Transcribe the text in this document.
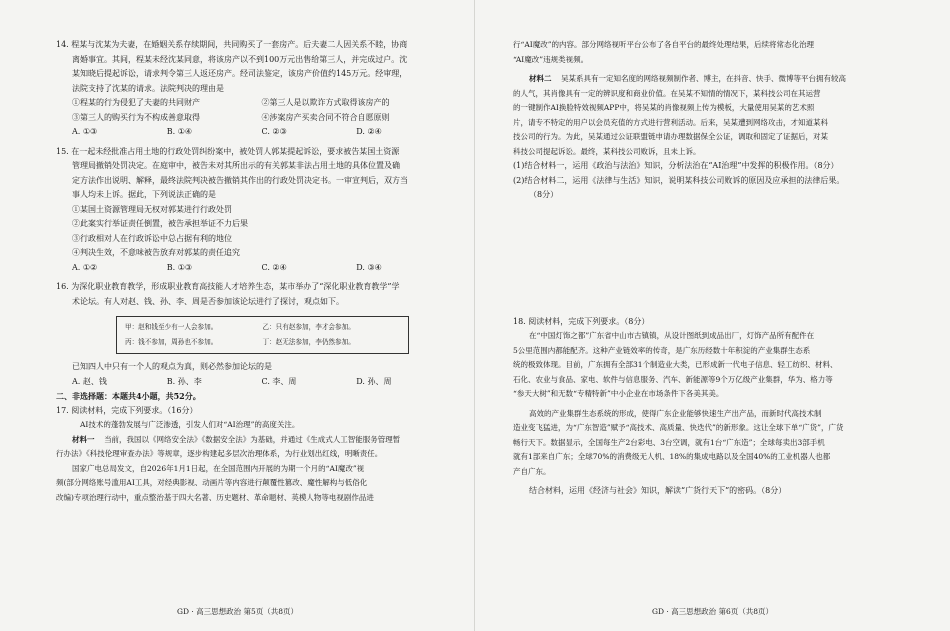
14. 程某与沈某为夫妻，在婚姻关系存续期间，共同购买了一套房产。后夫妻二人因关系不睦，协商

离婚事宜。其间，程某未经沈某同意，将该房产以不到100万元出售给第三人，并完成过户。沈

某知晓后提起诉讼，请求判令第三人返还房产。经司法鉴定，该房产价值约145万元。经审理，

法院支持了沈某的请求。法院判决的理由是

①程某的行为侵犯了夫妻的共同财产	②第三人是以欺诈方式取得该房产的
③第三人的购买行为不构成善意取得	④涉案房产买卖合同不符合自愿原则
A. ①③	B. ①④	C. ②③	D. ②④

15. 在一起未经批准占用土地的行政处罚纠纷案中，被处罚人郭某提起诉讼，要求被告某国土资源

管理局撤销处罚决定。在庭审中，被告未对其所出示的有关郭某非法占用土地的具体位置及确

定方法作出说明、解释，最终法院判决被告撤销其作出的行政处罚决定书。一审宣判后，双方当

事人均未上诉。据此，下列说法正确的是

①某国土资源管理局无权对郭某进行行政处罚

②此案实行举证责任倒置，被告承担举证不力后果

③行政相对人在行政诉讼中总占据有利的地位

④判决生效，不意味被告放弃对郭某的责任追究

A. ①②	B. ①③	C. ②④	D. ③④

16. 为深化职业教育教学，形成职业教育高技能人才培养生态，某市举办了“深化职业教育教学”学

术论坛。有人对赵、钱、孙、李、周是否参加该论坛进行了探讨，观点如下。

甲：赵和钱至少有一人会参加。	乙：只有赵参加，李才会参加。
丙：钱不参加，周孙也不参加。	丁：赵无法参加，李仍然参加。

已知四人中只有一个人的观点为真，则必然参加论坛的是

A. 赵、钱	B. 孙、李	C. 李、周	D. 孙、周

二、非选择题：本题共4小题，共52分。

17. 阅读材料，完成下列要求。（16分）

AI技术的蓬勃发展与广泛渗透，引发人们对“AI治理”的高度关注。

材料一 当前，我国以《网络安全法》《数据安全法》为基础，并通过《生成式人工智能服务管理暂

行办法》《科技伦理审查办法》等规章，逐步构建起多层次治理体系，为行业划出红线，明晰责任。

国家广电总局发文，自2026年1月1日起，在全国范围内开展的为期一个月的“AI魔改”视

频(部分网络账号滥用AI工具，对经典影视、动画片等内容进行颠覆性篡改、魔性解构与低俗化

改编)专项治理行动中，重点整治基于四大名著、历史题材、革命题材、英模人物等电视剧作品进

GD · 高三思想政治 第5页（共8页）

行“AI魔改”的内容。部分网络视听平台公布了各自平台的最终处理结果，后续将常态化治理

“AI魔改”违规类视频。

材料二 吴某系具有一定知名度的网络视频制作者、博主，在抖音、快手、微博等平台拥有较高

的人气，其肖像具有一定的辨识度和商业价值。在吴某不知情的情况下，某科技公司在其运营

的一键制作AI换脸特效视频APP中，将吴某的肖像视频上传为模板，大量使用吴某的艺术照

片，请专不特定的用户以会员充值的方式进行营利活动。后来，吴某遭到网络攻击，才知道某科

技公司的行为。为此，吴某通过公证联盟链申请办理数据保全公证，调取和固定了证据后，对某

科技公司提起诉讼。最终，某科技公司败诉，且未上诉。

(1)结合材料一，运用《政治与法治》知识，分析法治在“AI治理”中发挥的积极作用。（8分）

(2)结合材料二，运用《法律与生活》知识，说明某科技公司败诉的原因及应承担的法律后果。

（8分）

18. 阅读材料，完成下列要求。（8分）

在“中国灯饰之都”广东省中山市古镇镇，从设计图纸到成品出厂，灯饰产品所有配件在

5公里范围内都能配齐。这种产业链效率的传奇，是广东历经数十年积淀的产业集群生态系

统的极致体现。目前，广东拥有全部31个制造业大类，已形成新一代电子信息、轻工纺织、材料、

石化、农业与食品、家电、软件与信息服务、汽车、新能源等9个万亿级产业集群，华为、格力等

“参天大树”和无数“专精特新”中小企业在市场条件下各美其美。

高效的产业集群生态系统的形成，使得广东企业能够快速生产出产品，而新时代高技术制

造业变飞猛进，为“广东智造”赋予“高技术、高质量、快迭代”的新形象。这让全球下单“广货”，广货

畅行天下。数据显示，全国每生产2台彩电、3台空调，就有1台“广东造”；全球每卖出3部手机

就有1部来自广东；全球70%的消费级无人机、18%的集成电路以及全国40%的工业机器人也都

产自广东。

结合材料，运用《经济与社会》知识，解读“广货行天下”的密码。（8分）

GD · 高三思想政治 第6页（共8页）
